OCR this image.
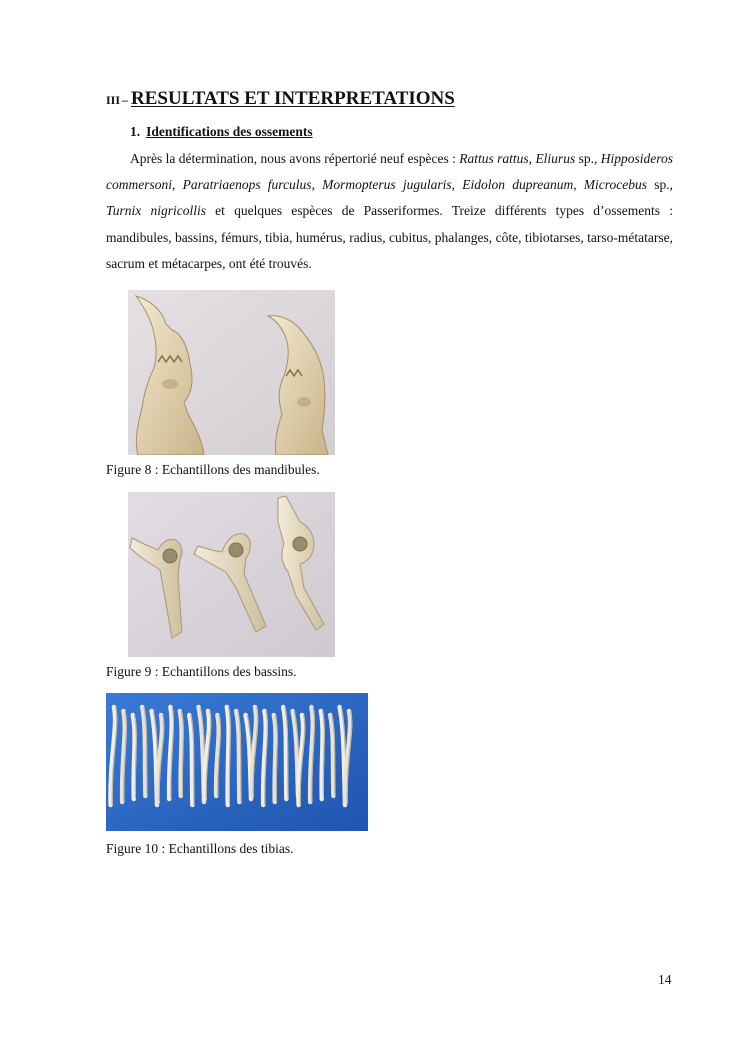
III – RESULTATS ET INTERPRETATIONS
1. Identifications des ossements

Après la détermination, nous avons répertorié neuf espèces : Rattus rattus, Eliurus sp., Hipposideros commersoni, Paratriaenops furculus, Mormopterus jugularis, Eidolon dupreanum, Microcebus sp., Turnix nigricollis et quelques espèces de Passeriformes. Treize différents types d’ossements : mandibules, bassins, fémurs, tibia, humérus, radius, cubitus, phalanges, côte, tibiotarses, tarso-métatarse, sacrum et métacarpes, ont été trouvés.

Figure 8 : Echantillons des mandibules.
Figure 9 : Echantillons des bassins.
Figure 10 : Echantillons des tibias.
14
